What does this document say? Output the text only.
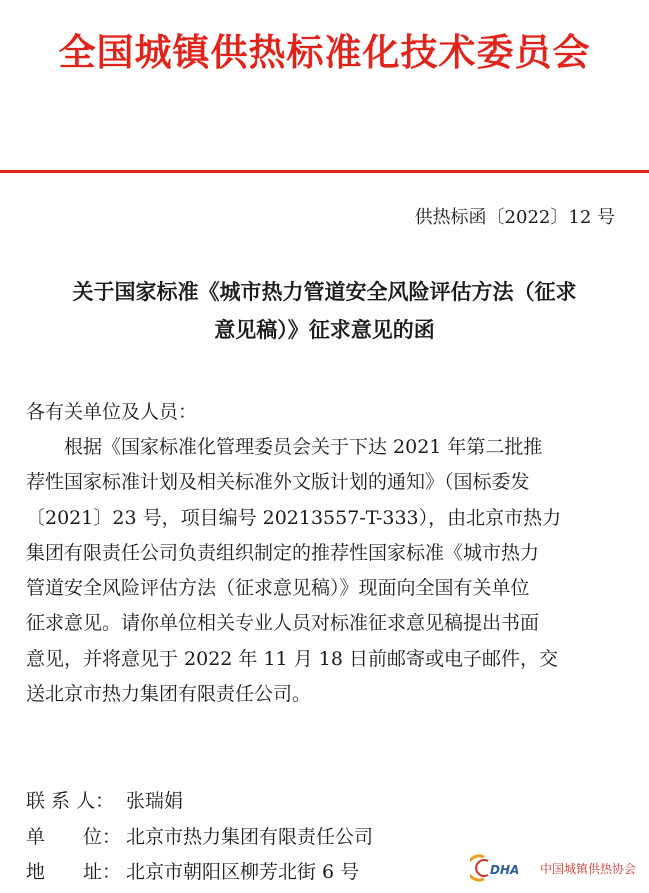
全国城镇供热标准化技术委员会
供热标函〔2022〕12 号
关于国家标准《城市热力管道安全风险评估方法（征求
意见稿）》征求意见的函
各有关单位及人员：
　　根据《国家标准化管理委员会关于下达 2021 年第二批推
荐性国家标准计划及相关标准外文版计划的通知》（国标委发
〔2021〕23 号，项目编号 20213557-T-333），由北京市热力
集团有限责任公司负责组织制定的推荐性国家标准《城市热力
管道安全风险评估方法（征求意见稿）》现面向全国有关单位
征求意见。请你单位相关专业人员对标准征求意见稿提出书面
意见，并将意见于 2022 年 11 月 18 日前邮寄或电子邮件，交
送北京市热力集团有限责任公司。
联 系 人： 张瑞娟
单　　位： 北京市热力集团有限责任公司
地　　址： 北京市朝阳区柳芳北街 6 号	DHA 中国城镇供热协会
